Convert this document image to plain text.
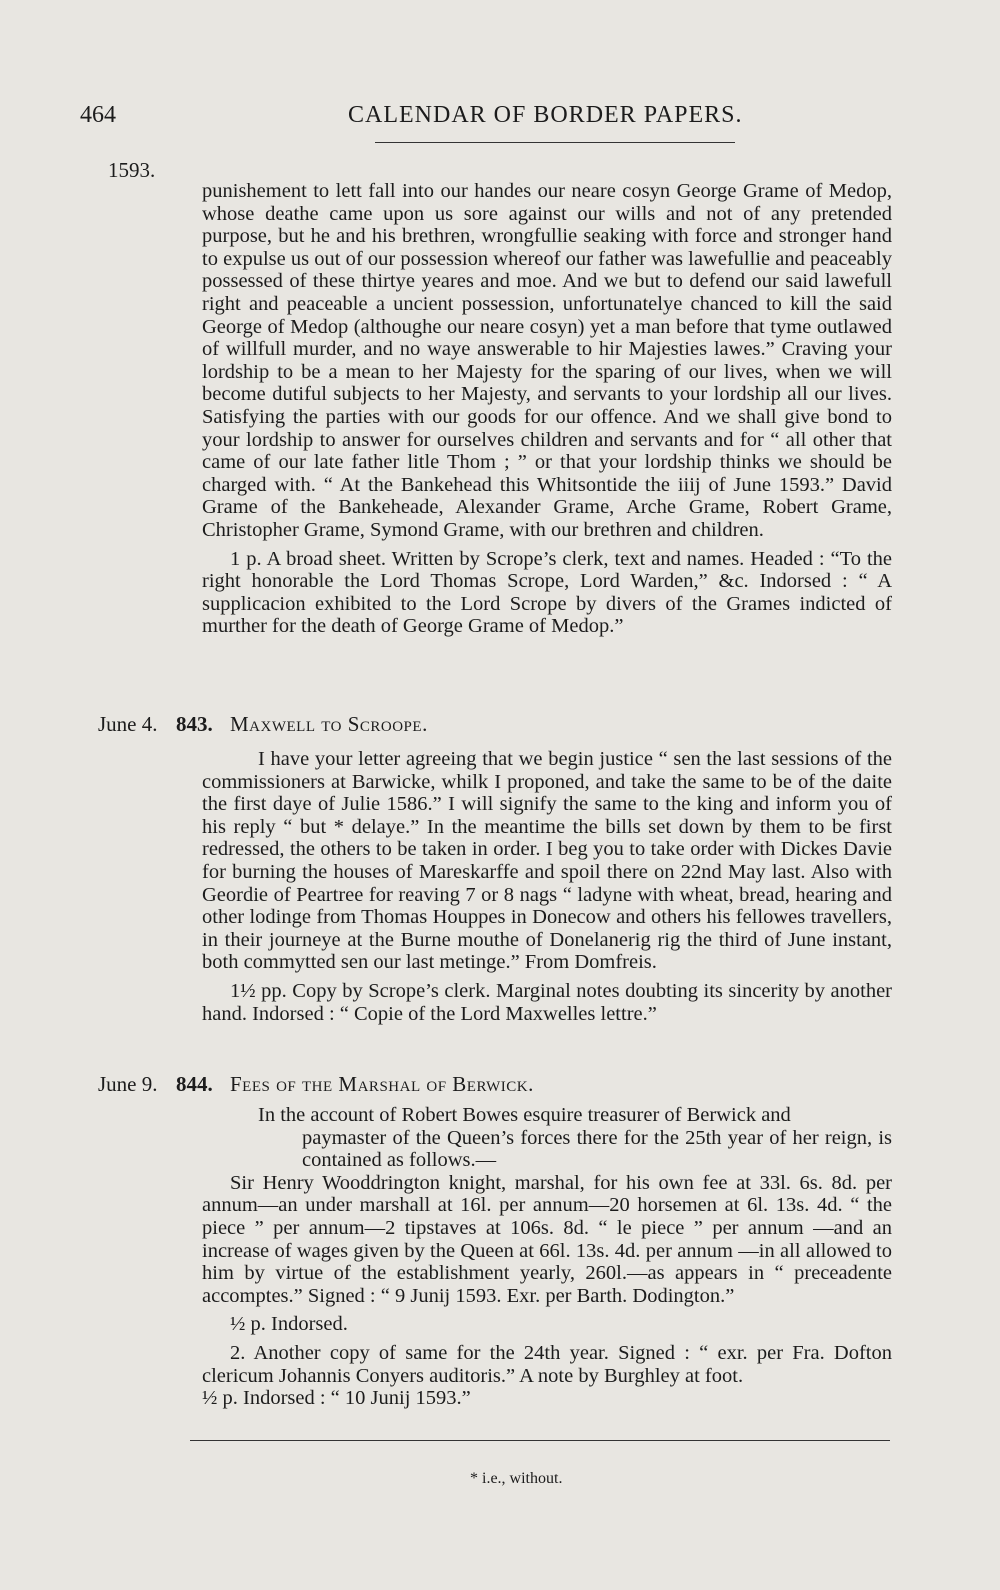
464	CALENDAR OF BORDER PAPERS.
1593.

punishement to lett fall into our handes our neare cosyn George Grame of Medop, whose deathe came upon us sore against our wills and not of any pretended purpose, but he and his brethren, wrongfullie seaking with force and stronger hand to expulse us out of our possession whereof our father was lawefullie and peaceably possessed of these thirtye yeares and moe. And we but to defend our said lawefull right and peaceable a uncient possession, unfortunatelye chanced to kill the said George of Medop (althoughe our neare cosyn) yet a man before that tyme outlawed of willfull murder, and no waye answerable to hir Majesties lawes.” Craving your lordship to be a mean to her Majesty for the sparing of our lives, when we will become dutiful subjects to her Majesty, and servants to your lordship all our lives. Satisfying the parties with our goods for our offence. And we shall give bond to your lordship to answer for ourselves children and servants and for “ all other that came of our late father litle Thom ; ” or that your lordship thinks we should be charged with. “ At the Bankehead this Whitsontide the iiij of June 1593.” David Grame of the Bankeheade, Alexander Grame, Arche Grame, Robert Grame, Christopher Grame, Symond Grame, with our brethren and children.

1 p. A broad sheet. Written by Scrope’s clerk, text and names. Headed : “To the right honorable the Lord Thomas Scrope, Lord Warden,” &c. Indorsed : “ A supplicacion exhibited to the Lord Scrope by divers of the Grames indicted of murther for the death of George Grame of Medop.”

June 4. 843. Maxwell to Scroope.

I have your letter agreeing that we begin justice “ sen the last sessions of the commissioners at Barwicke, whilk I proponed, and take the same to be of the daite the first daye of Julie 1586.” I will signify the same to the king and inform you of his reply “ but * delaye.” In the meantime the bills set down by them to be first redressed, the others to be taken in order. I beg you to take order with Dickes Davie for burning the houses of Mareskarffe and spoil there on 22nd May last. Also with Geordie of Peartree for reaving 7 or 8 nags “ ladyne with wheat, bread, hearing and other lodinge from Thomas Houppes in Donecow and others his fellowes travellers, in their journeye at the Burne mouthe of Donelanerig rig the third of June instant, both commytted sen our last metinge.” From Domfreis.

1½ pp. Copy by Scrope’s clerk. Marginal notes doubting its sincerity by another hand. Indorsed : “ Copie of the Lord Maxwelles lettre.”

June 9. 844. Fees of the Marshal of Berwick.

In the account of Robert Bowes esquire treasurer of Berwick and

paymaster of the Queen’s forces there for the 25th year of her reign, is contained as follows.—

Sir Henry Wooddrington knight, marshal, for his own fee at 33l. 6s. 8d. per annum—an under marshall at 16l. per annum—20 horsemen at 6l. 13s. 4d. “ the piece ” per annum—2 tipstaves at 106s. 8d. “ le piece ” per annum —and an increase of wages given by the Queen at 66l. 13s. 4d. per annum —in all allowed to him by virtue of the establishment yearly, 260l.—as appears in “ preceadente accomptes.” Signed : “ 9 Junij 1593. Exr. per Barth. Dodington.”

½ p. Indorsed.

2. Another copy of same for the 24th year. Signed : “ exr. per Fra. Dofton clericum Johannis Conyers auditoris.” A note by Burghley at foot.

½ p. Indorsed : “ 10 Junij 1593.”

* i.e., without.
